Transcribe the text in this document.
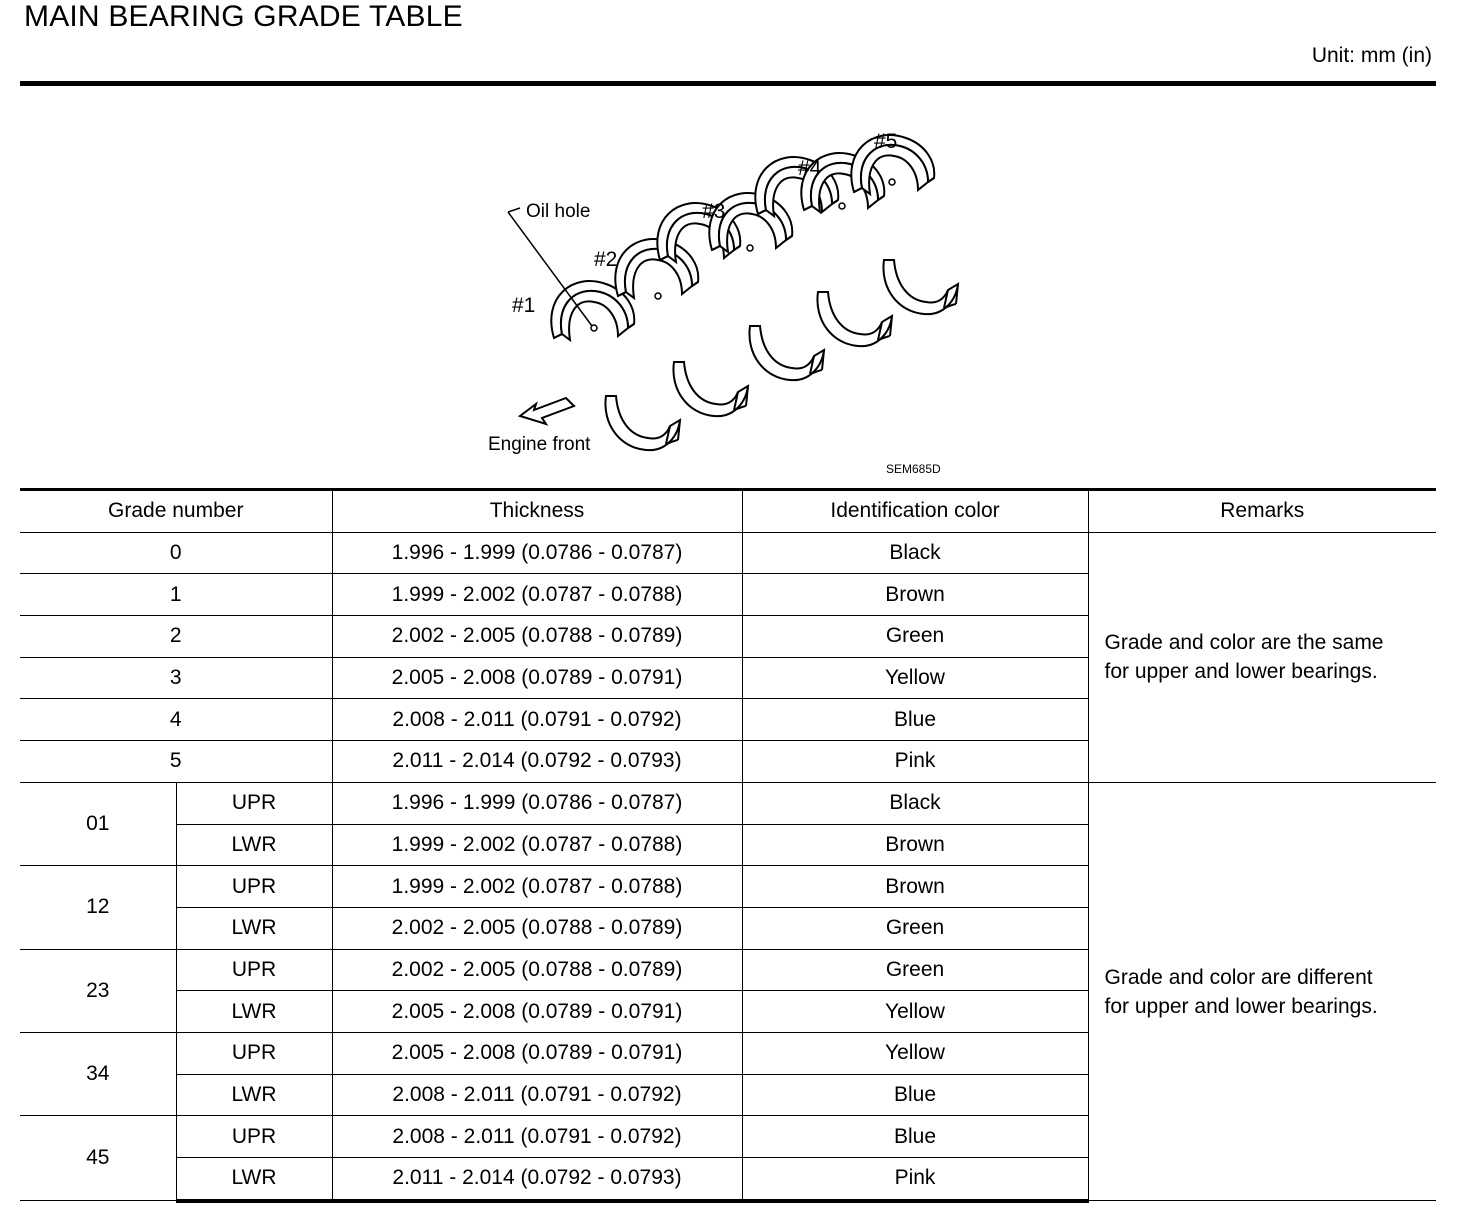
MAIN BEARING GRADE TABLE
Unit: mm (in)
Oil hole
#1
#2
#3
#4
#5
Engine front
SEM685D
Grade number		Thickness	Identification color	Remarks
0		1.996 - 1.999 (0.0786 - 0.0787)	Black	Grade and color are the same
for upper and lower bearings.
1		1.999 - 2.002 (0.0787 - 0.0788)	Brown	
2		2.002 - 2.005 (0.0788 - 0.0789)	Green	
3		2.005 - 2.008 (0.0789 - 0.0791)	Yellow	
4		2.008 - 2.011 (0.0791 - 0.0792)	Blue	
5		2.011 - 2.014 (0.0792 - 0.0793)	Pink	
01	UPR	1.996 - 1.999 (0.0786 - 0.0787)	Black	Grade and color are different
for upper and lower bearings.
	LWR	1.999 - 2.002 (0.0787 - 0.0788)	Brown	
12	UPR	1.999 - 2.002 (0.0787 - 0.0788)	Brown	
	LWR	2.002 - 2.005 (0.0788 - 0.0789)	Green	
23	UPR	2.002 - 2.005 (0.0788 - 0.0789)	Green	
	LWR	2.005 - 2.008 (0.0789 - 0.0791)	Yellow	
34	UPR	2.005 - 2.008 (0.0789 - 0.0791)	Yellow	
	LWR	2.008 - 2.011 (0.0791 - 0.0792)	Blue	
45	UPR	2.008 - 2.011 (0.0791 - 0.0792)	Blue	
	LWR	2.011 - 2.014 (0.0792 - 0.0793)	Pink	
